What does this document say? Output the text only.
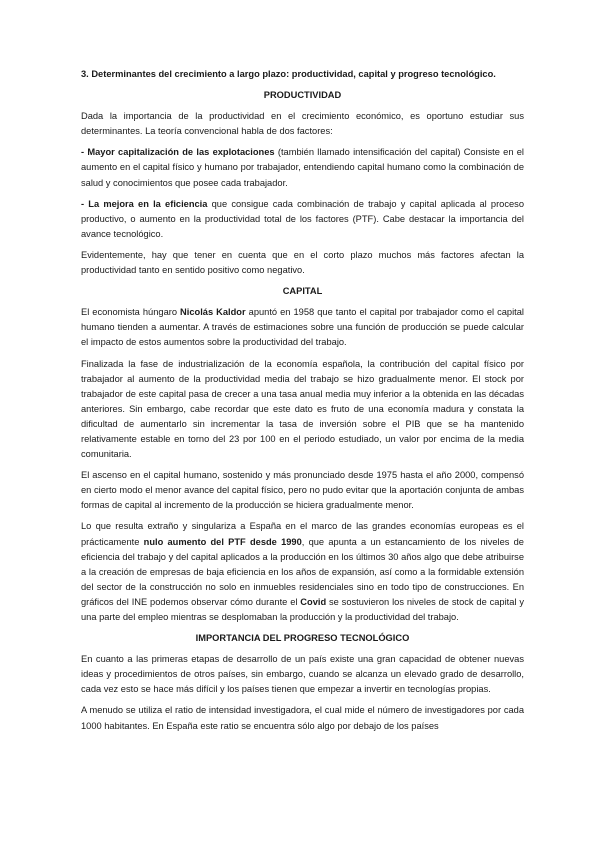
3. Determinantes del crecimiento a largo plazo: productividad, capital y progreso tecnológico.

PRODUCTIVIDAD

Dada la importancia de la productividad en el crecimiento económico, es oportuno estudiar sus determinantes. La teoría convencional habla de dos factores:

- Mayor capitalización de las explotaciones (también llamado intensificación del capital) Consiste en el aumento en el capital físico y humano por trabajador, entendiendo capital humano como la combinación de salud y conocimientos que posee cada trabajador.

- La mejora en la eficiencia que consigue cada combinación de trabajo y capital aplicada al proceso productivo, o aumento en la productividad total de los factores (PTF). Cabe destacar la importancia del avance tecnológico.

Evidentemente, hay que tener en cuenta que en el corto plazo muchos más factores afectan la productividad tanto en sentido positivo como negativo.

CAPITAL

El economista húngaro Nicolás Kaldor apuntó en 1958 que tanto el capital por trabajador como el capital humano tienden a aumentar. A través de estimaciones sobre una función de producción se puede calcular el impacto de estos aumentos sobre la productividad del trabajo.

Finalizada la fase de industrialización de la economía española, la contribución del capital físico por trabajador al aumento de la productividad media del trabajo se hizo gradualmente menor. El stock por trabajador de este capital pasa de crecer a una tasa anual media muy inferior a la obtenida en las décadas anteriores. Sin embargo, cabe recordar que este dato es fruto de una economía madura y constata la dificultad de aumentarlo sin incrementar la tasa de inversión sobre el PIB que se ha mantenido relativamente estable en torno del 23 por 100 en el periodo estudiado, un valor por encima de la media comunitaria.

El ascenso en el capital humano, sostenido y más pronunciado desde 1975 hasta el año 2000, compensó en cierto modo el menor avance del capital físico, pero no pudo evitar que la aportación conjunta de ambas formas de capital al incremento de la producción se hiciera gradualmente menor.

Lo que resulta extraño y singulariza a España en el marco de las grandes economías europeas es el prácticamente nulo aumento del PTF desde 1990, que apunta a un estancamiento de los niveles de eficiencia del trabajo y del capital aplicados a la producción en los últimos 30 años algo que debe atribuirse a la creación de empresas de baja eficiencia en los años de expansión, así como a la formidable extensión del sector de la construcción no solo en inmuebles residenciales sino en todo tipo de construcciones. En gráficos del INE podemos observar cómo durante el Covid se sostuvieron los niveles de stock de capital y una parte del empleo mientras se desplomaban la producción y la productividad del trabajo.

IMPORTANCIA DEL PROGRESO TECNOLÓGICO

En cuanto a las primeras etapas de desarrollo de un país existe una gran capacidad de obtener nuevas ideas y procedimientos de otros países, sin embargo, cuando se alcanza un elevado grado de desarrollo, cada vez esto se hace más difícil y los países tienen que empezar a invertir en tecnologías propias.

A menudo se utiliza el ratio de intensidad investigadora, el cual mide el número de investigadores por cada 1000 habitantes. En España este ratio se encuentra sólo algo por debajo de los países
